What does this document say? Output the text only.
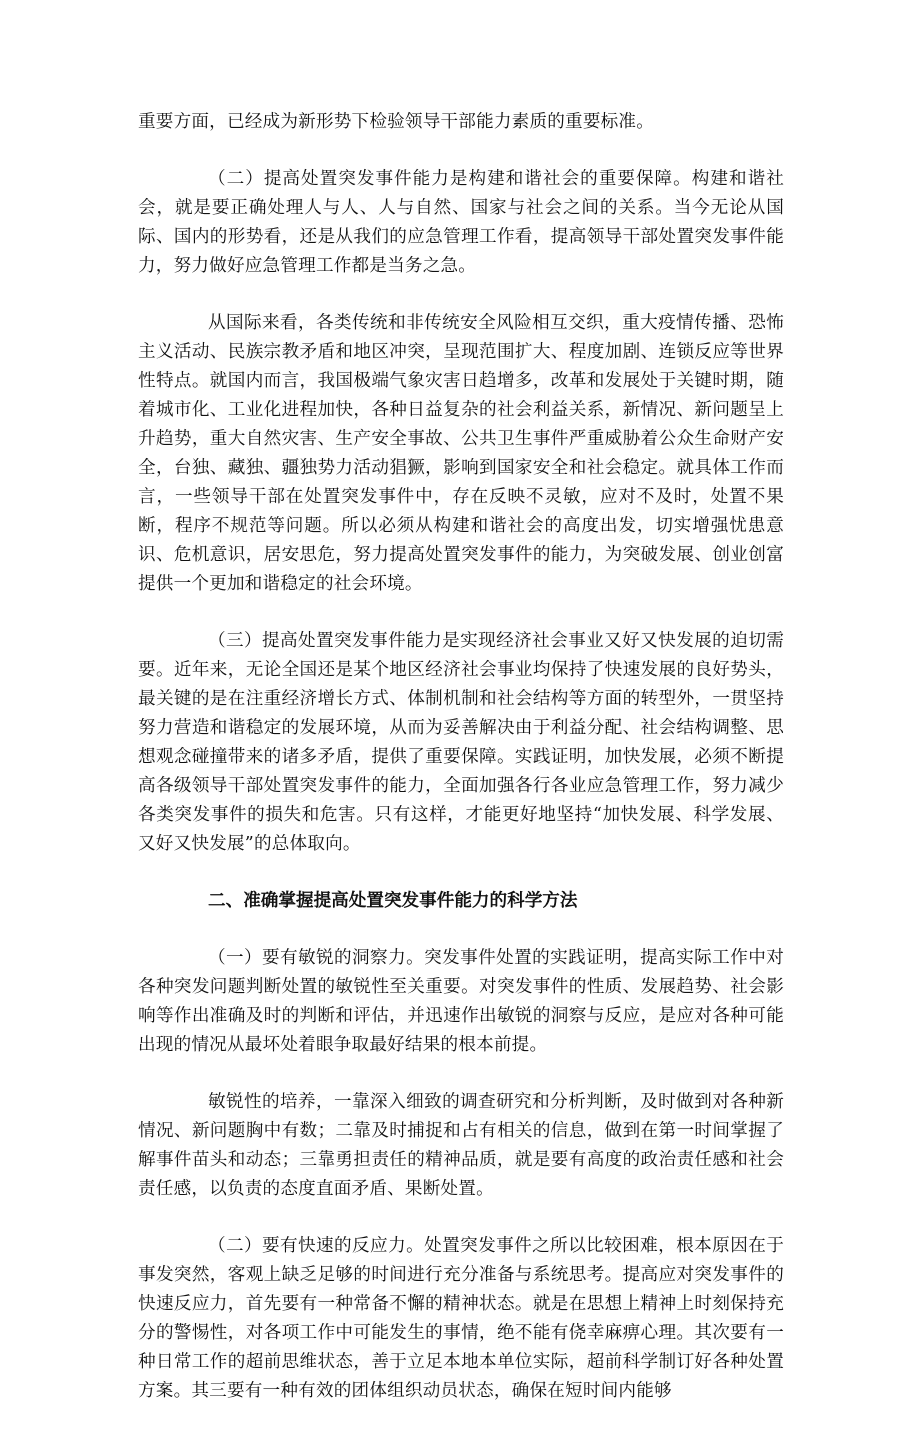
重要方面，已经成为新形势下检验领导干部能力素质的重要标准。

（二）提高处置突发事件能力是构建和谐社会的重要保障。构建和谐社会，就是要正确处理人与人、人与自然、国家与社会之间的关系。当今无论从国际、国内的形势看，还是从我们的应急管理工作看，提高领导干部处置突发事件能力，努力做好应急管理工作都是当务之急。

从国际来看，各类传统和非传统安全风险相互交织，重大疫情传播、恐怖主义活动、民族宗教矛盾和地区冲突，呈现范围扩大、程度加剧、连锁反应等世界性特点。就国内而言，我国极端气象灾害日趋增多，改革和发展处于关键时期，随着城市化、工业化进程加快，各种日益复杂的社会利益关系，新情况、新问题呈上升趋势，重大自然灾害、生产安全事故、公共卫生事件严重威胁着公众生命财产安全，台独、藏独、疆独势力活动猖獗，影响到国家安全和社会稳定。就具体工作而言，一些领导干部在处置突发事件中，存在反映不灵敏，应对不及时，处置不果断，程序不规范等问题。所以必须从构建和谐社会的高度出发，切实增强忧患意识、危机意识，居安思危，努力提高处置突发事件的能力，为突破发展、创业创富提供一个更加和谐稳定的社会环境。

（三）提高处置突发事件能力是实现经济社会事业又好又快发展的迫切需要。近年来，无论全国还是某个地区经济社会事业均保持了快速发展的良好势头，最关键的是在注重经济增长方式、体制机制和社会结构等方面的转型外，一贯坚持努力营造和谐稳定的发展环境，从而为妥善解决由于利益分配、社会结构调整、思想观念碰撞带来的诸多矛盾，提供了重要保障。实践证明，加快发展，必须不断提高各级领导干部处置突发事件的能力，全面加强各行各业应急管理工作，努力减少各类突发事件的损失和危害。只有这样，才能更好地坚持“加快发展、科学发展、又好又快发展”的总体取向。

二、准确掌握提高处置突发事件能力的科学方法

（一）要有敏锐的洞察力。突发事件处置的实践证明，提高实际工作中对各种突发问题判断处置的敏锐性至关重要。对突发事件的性质、发展趋势、社会影响等作出准确及时的判断和评估，并迅速作出敏锐的洞察与反应，是应对各种可能出现的情况从最坏处着眼争取最好结果的根本前提。

敏锐性的培养，一靠深入细致的调查研究和分析判断，及时做到对各种新情况、新问题胸中有数；二靠及时捕捉和占有相关的信息，做到在第一时间掌握了解事件苗头和动态；三靠勇担责任的精神品质，就是要有高度的政治责任感和社会责任感，以负责的态度直面矛盾、果断处置。

（二）要有快速的反应力。处置突发事件之所以比较困难，根本原因在于事发突然，客观上缺乏足够的时间进行充分准备与系统思考。提高应对突发事件的快速反应力，首先要有一种常备不懈的精神状态。就是在思想上精神上时刻保持充分的警惕性，对各项工作中可能发生的事情，绝不能有侥幸麻痹心理。其次要有一种日常工作的超前思维状态，善于立足本地本单位实际，超前科学制订好各种处置方案。其三要有一种有效的团体组织动员状态，确保在短时间内能够
